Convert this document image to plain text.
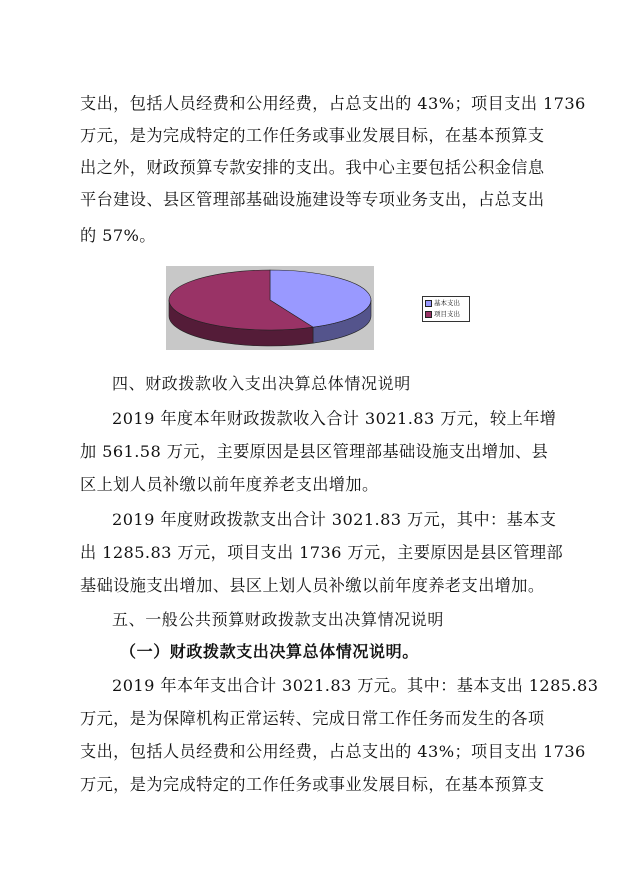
支出，包括人员经费和公用经费，占总支出的 43%；项目支出 1736
万元，是为完成特定的工作任务或事业发展目标，在基本预算支
出之外，财政预算专款安排的支出。我中心主要包括公积金信息
平台建设、县区管理部基础设施建设等专项业务支出，占总支出
的 57%。
基本支出
项目支出
四、财政拨款收入支出决算总体情况说明
2019 年度本年财政拨款收入合计 3021.83 万元，较上年增
加 561.58 万元，主要原因是县区管理部基础设施支出增加、县
区上划人员补缴以前年度养老支出增加。
2019 年度财政拨款支出合计 3021.83 万元，其中：基本支
出 1285.83 万元，项目支出 1736 万元，主要原因是县区管理部
基础设施支出增加、县区上划人员补缴以前年度养老支出增加。
五、一般公共预算财政拨款支出决算情况说明
（一）财政拨款支出决算总体情况说明。
2019 年本年支出合计 3021.83 万元。其中：基本支出 1285.83
万元，是为保障机构正常运转、完成日常工作任务而发生的各项
支出，包括人员经费和公用经费，占总支出的 43%；项目支出 1736
万元，是为完成特定的工作任务或事业发展目标，在基本预算支
